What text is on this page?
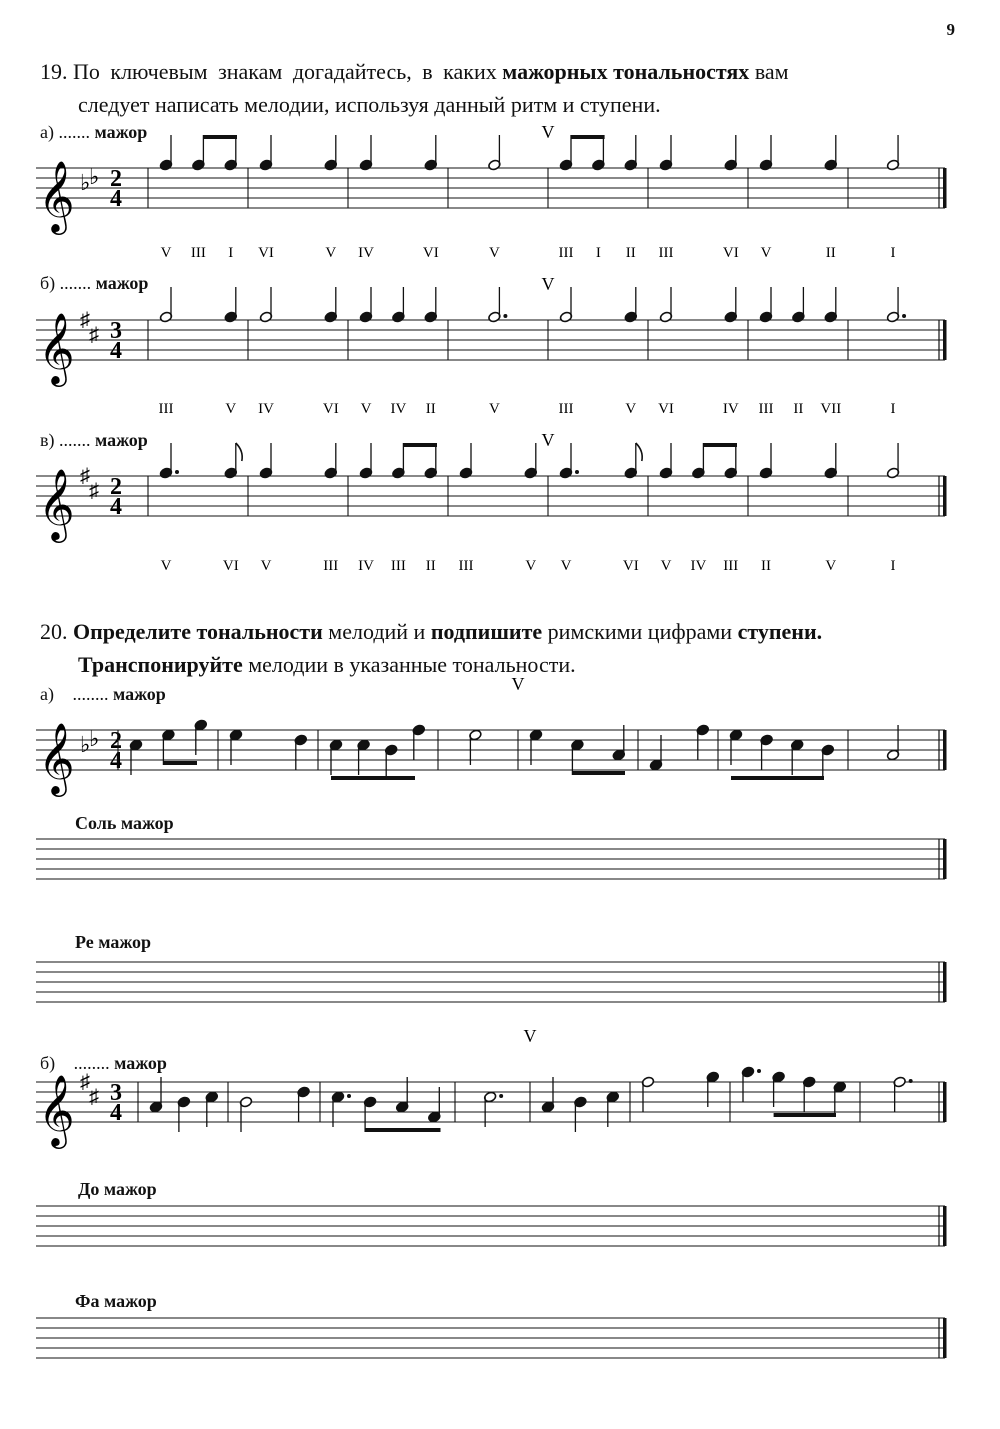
9
19. По ключевым знакам догадайтесь, в каких мажорных тональностях вам
следует написать мелодии, используя данный ритм и ступени.
а) ....... мажор
б) ....... мажор
в) ....... мажор
20. Определите тональности мелодий и подпишите римскими цифрами ступени.
Транспонируйте мелодии в указанные тональности.
а) ........ мажор
б) ........ мажор
Соль мажор
Ре мажор
До мажор
Фа мажор
𝄞 ♭
♭ 2
4
V
V III I VI	V IV	VI	V	III I II III	VI V	II	I
𝄞 ♯
♯ 3
4
V
III	V IV	VI V IV II	V	III	V VI	IV III II VII	I
𝄞 ♯
♯ 2
4
V
V	VI V	III IV III II III	V V	VI V IV III II	V	I
𝄞 ♭
♭ 2
4
V
𝄞 ♯
♯ 3
4
V
